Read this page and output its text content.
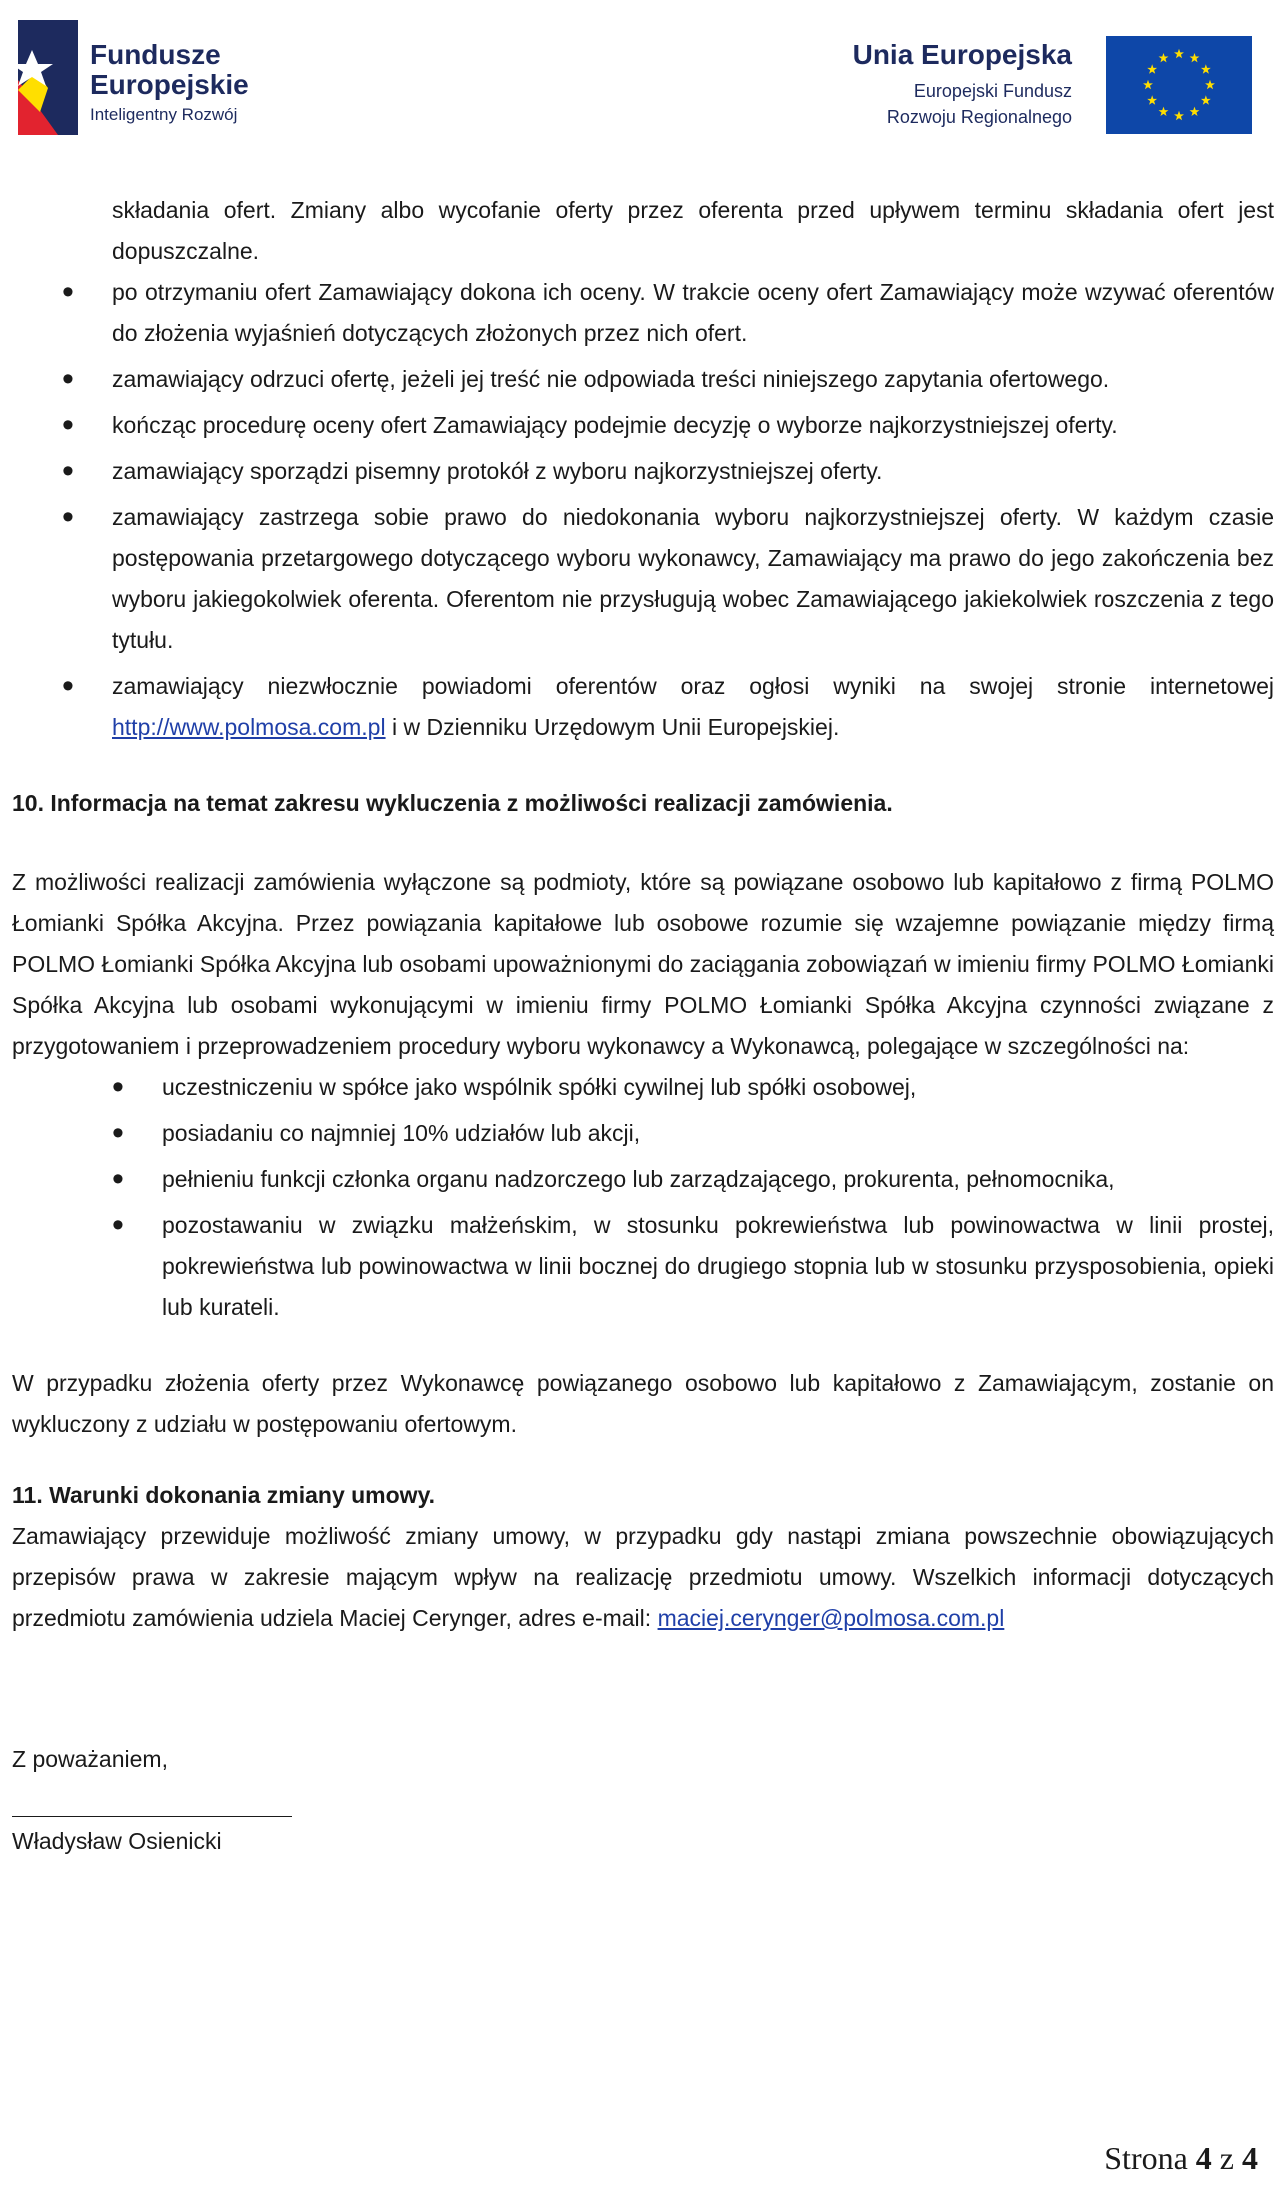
Fundusze
Europejskie
Inteligentny Rozwój
Unia Europejska
Europejski Fundusz
Rozwoju Regionalnego

składania ofert. Zmiany albo wycofanie oferty przez oferenta przed upływem terminu składania ofert jest dopuszczalne.

• po otrzymaniu ofert Zamawiający dokona ich oceny. W trakcie oceny ofert Zamawiający może wzywać oferentów do złożenia wyjaśnień dotyczących złożonych przez nich ofert.
• zamawiający odrzuci ofertę, jeżeli jej treść nie odpowiada treści niniejszego zapytania ofertowego.
• kończąc procedurę oceny ofert Zamawiający podejmie decyzję o wyborze najkorzystniejszej oferty.
• zamawiający sporządzi pisemny protokół z wyboru najkorzystniejszej oferty.
• zamawiający zastrzega sobie prawo do niedokonania wyboru najkorzystniejszej oferty. W każdym czasie postępowania przetargowego dotyczącego wyboru wykonawcy, Zamawiający ma prawo do jego zakończenia bez wyboru jakiegokolwiek oferenta. Oferentom nie przysługują wobec Zamawiającego jakiekolwiek roszczenia z tego tytułu.
• zamawiający niezwłocznie powiadomi oferentów oraz ogłosi wyniki na swojej stronie internetowej http://www.polmosa.com.pl i w Dzienniku Urzędowym Unii Europejskiej.

10. Informacja na temat zakresu wykluczenia z możliwości realizacji zamówienia.

Z możliwości realizacji zamówienia wyłączone są podmioty, które są powiązane osobowo lub kapitałowo z firmą POLMO Łomianki Spółka Akcyjna. Przez powiązania kapitałowe lub osobowe rozumie się wzajemne powiązanie między firmą POLMO Łomianki Spółka Akcyjna lub osobami upoważnionymi do zaciągania zobowiązań w imieniu firmy POLMO Łomianki Spółka Akcyjna lub osobami wykonującymi w imieniu firmy POLMO Łomianki Spółka Akcyjna czynności związane z przygotowaniem i przeprowadzeniem procedury wyboru wykonawcy a Wykonawcą, polegające w szczególności na:

• uczestniczeniu w spółce jako wspólnik spółki cywilnej lub spółki osobowej,
• posiadaniu co najmniej 10% udziałów lub akcji,
• pełnieniu funkcji członka organu nadzorczego lub zarządzającego, prokurenta, pełnomocnika,
• pozostawaniu w związku małżeńskim, w stosunku pokrewieństwa lub powinowactwa w linii prostej, pokrewieństwa lub powinowactwa w linii bocznej do drugiego stopnia lub w stosunku przysposobienia, opieki lub kurateli.

W przypadku złożenia oferty przez Wykonawcę powiązanego osobowo lub kapitałowo z Zamawiającym, zostanie on wykluczony z udziału w postępowaniu ofertowym.

11. Warunki dokonania zmiany umowy.

Zamawiający przewiduje możliwość zmiany umowy, w przypadku gdy nastąpi zmiana powszechnie obowiązujących przepisów prawa w zakresie mającym wpływ na realizację przedmiotu umowy. Wszelkich informacji dotyczących przedmiotu zamówienia udziela Maciej Cerynger, adres e-mail: maciej.cerynger@polmosa.com.pl

Z poważaniem,

Władysław Osienicki

Strona 4 z 4
